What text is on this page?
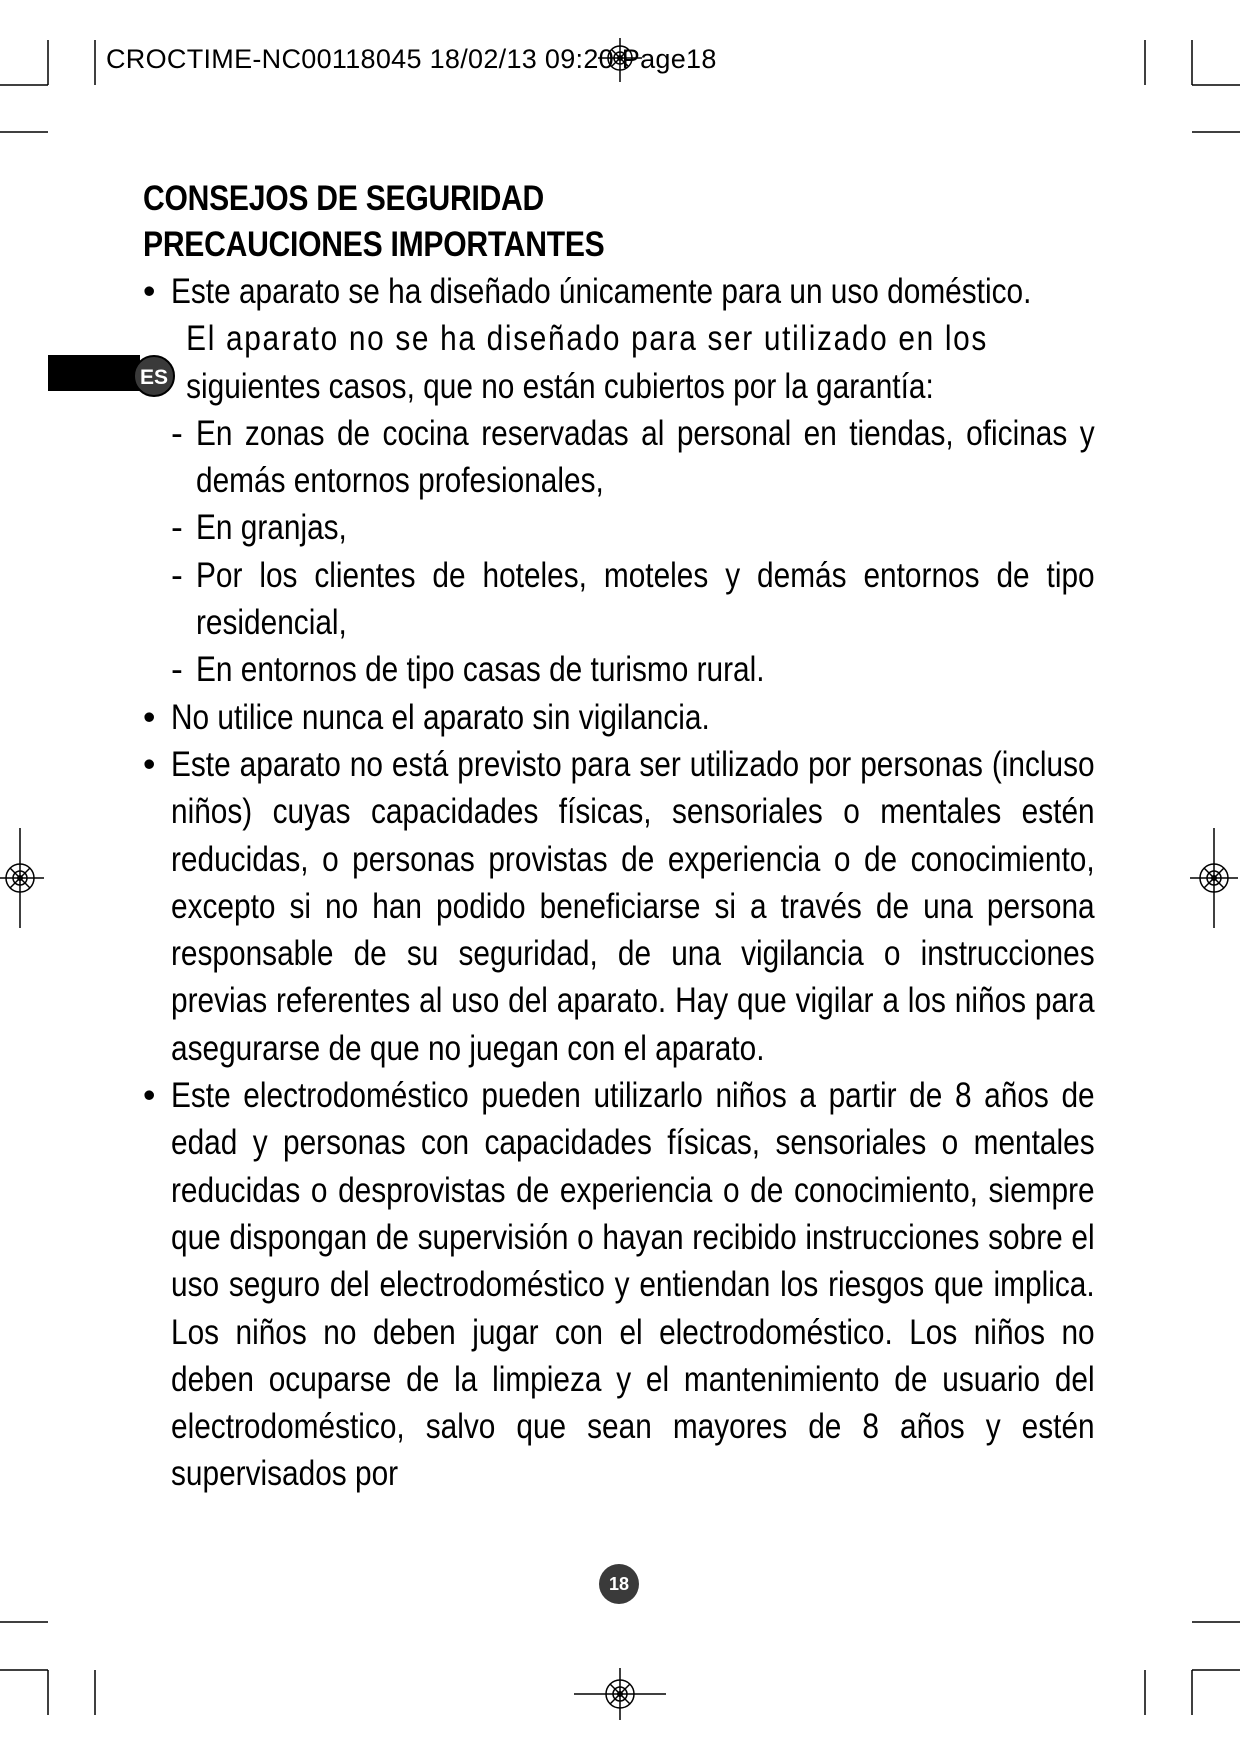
CROCTIME-NC00118045 18/02/13 09:20 Page18
ES
CONSEJOS DE SEGURIDAD
PRECAUCIONES IMPORTANTES
• Este aparato se ha diseñado únicamente para un uso doméstico.
El aparato no se ha diseñado para ser utilizado en los
siguientes casos, que no están cubiertos por la garantía:
- En zonas de cocina reservadas al personal en tiendas, oficinas y demás entornos profesionales,
- En granjas,
- Por los clientes de hoteles, moteles y demás entornos de tipo residencial,
- En entornos de tipo casas de turismo rural.
• No utilice nunca el aparato sin vigilancia.
• Este aparato no está previsto para ser utilizado por personas (incluso niños) cuyas capacidades físicas, sensoriales o mentales estén reducidas, o personas provistas de experiencia o de conocimiento, excepto si no han podido beneficiarse si a través de una persona responsable de su seguridad, de una vigilancia o instrucciones previas referentes al uso del aparato. Hay que vigilar a los niños para asegurarse de que no juegan con el aparato.
• Este electrodoméstico pueden utilizarlo niños a partir de 8 años de edad y personas con capacidades físicas, sensoriales o mentales reducidas o desprovistas de experiencia o de conocimiento, siempre que dispongan de supervisión o hayan recibido instrucciones sobre el uso seguro del electrodoméstico y entiendan los riesgos que implica. Los niños no deben jugar con el electrodoméstico. Los niños no deben ocuparse de la limpieza y el mantenimiento de usuario del electrodoméstico, salvo que sean mayores de 8 años y estén supervisados por
18
